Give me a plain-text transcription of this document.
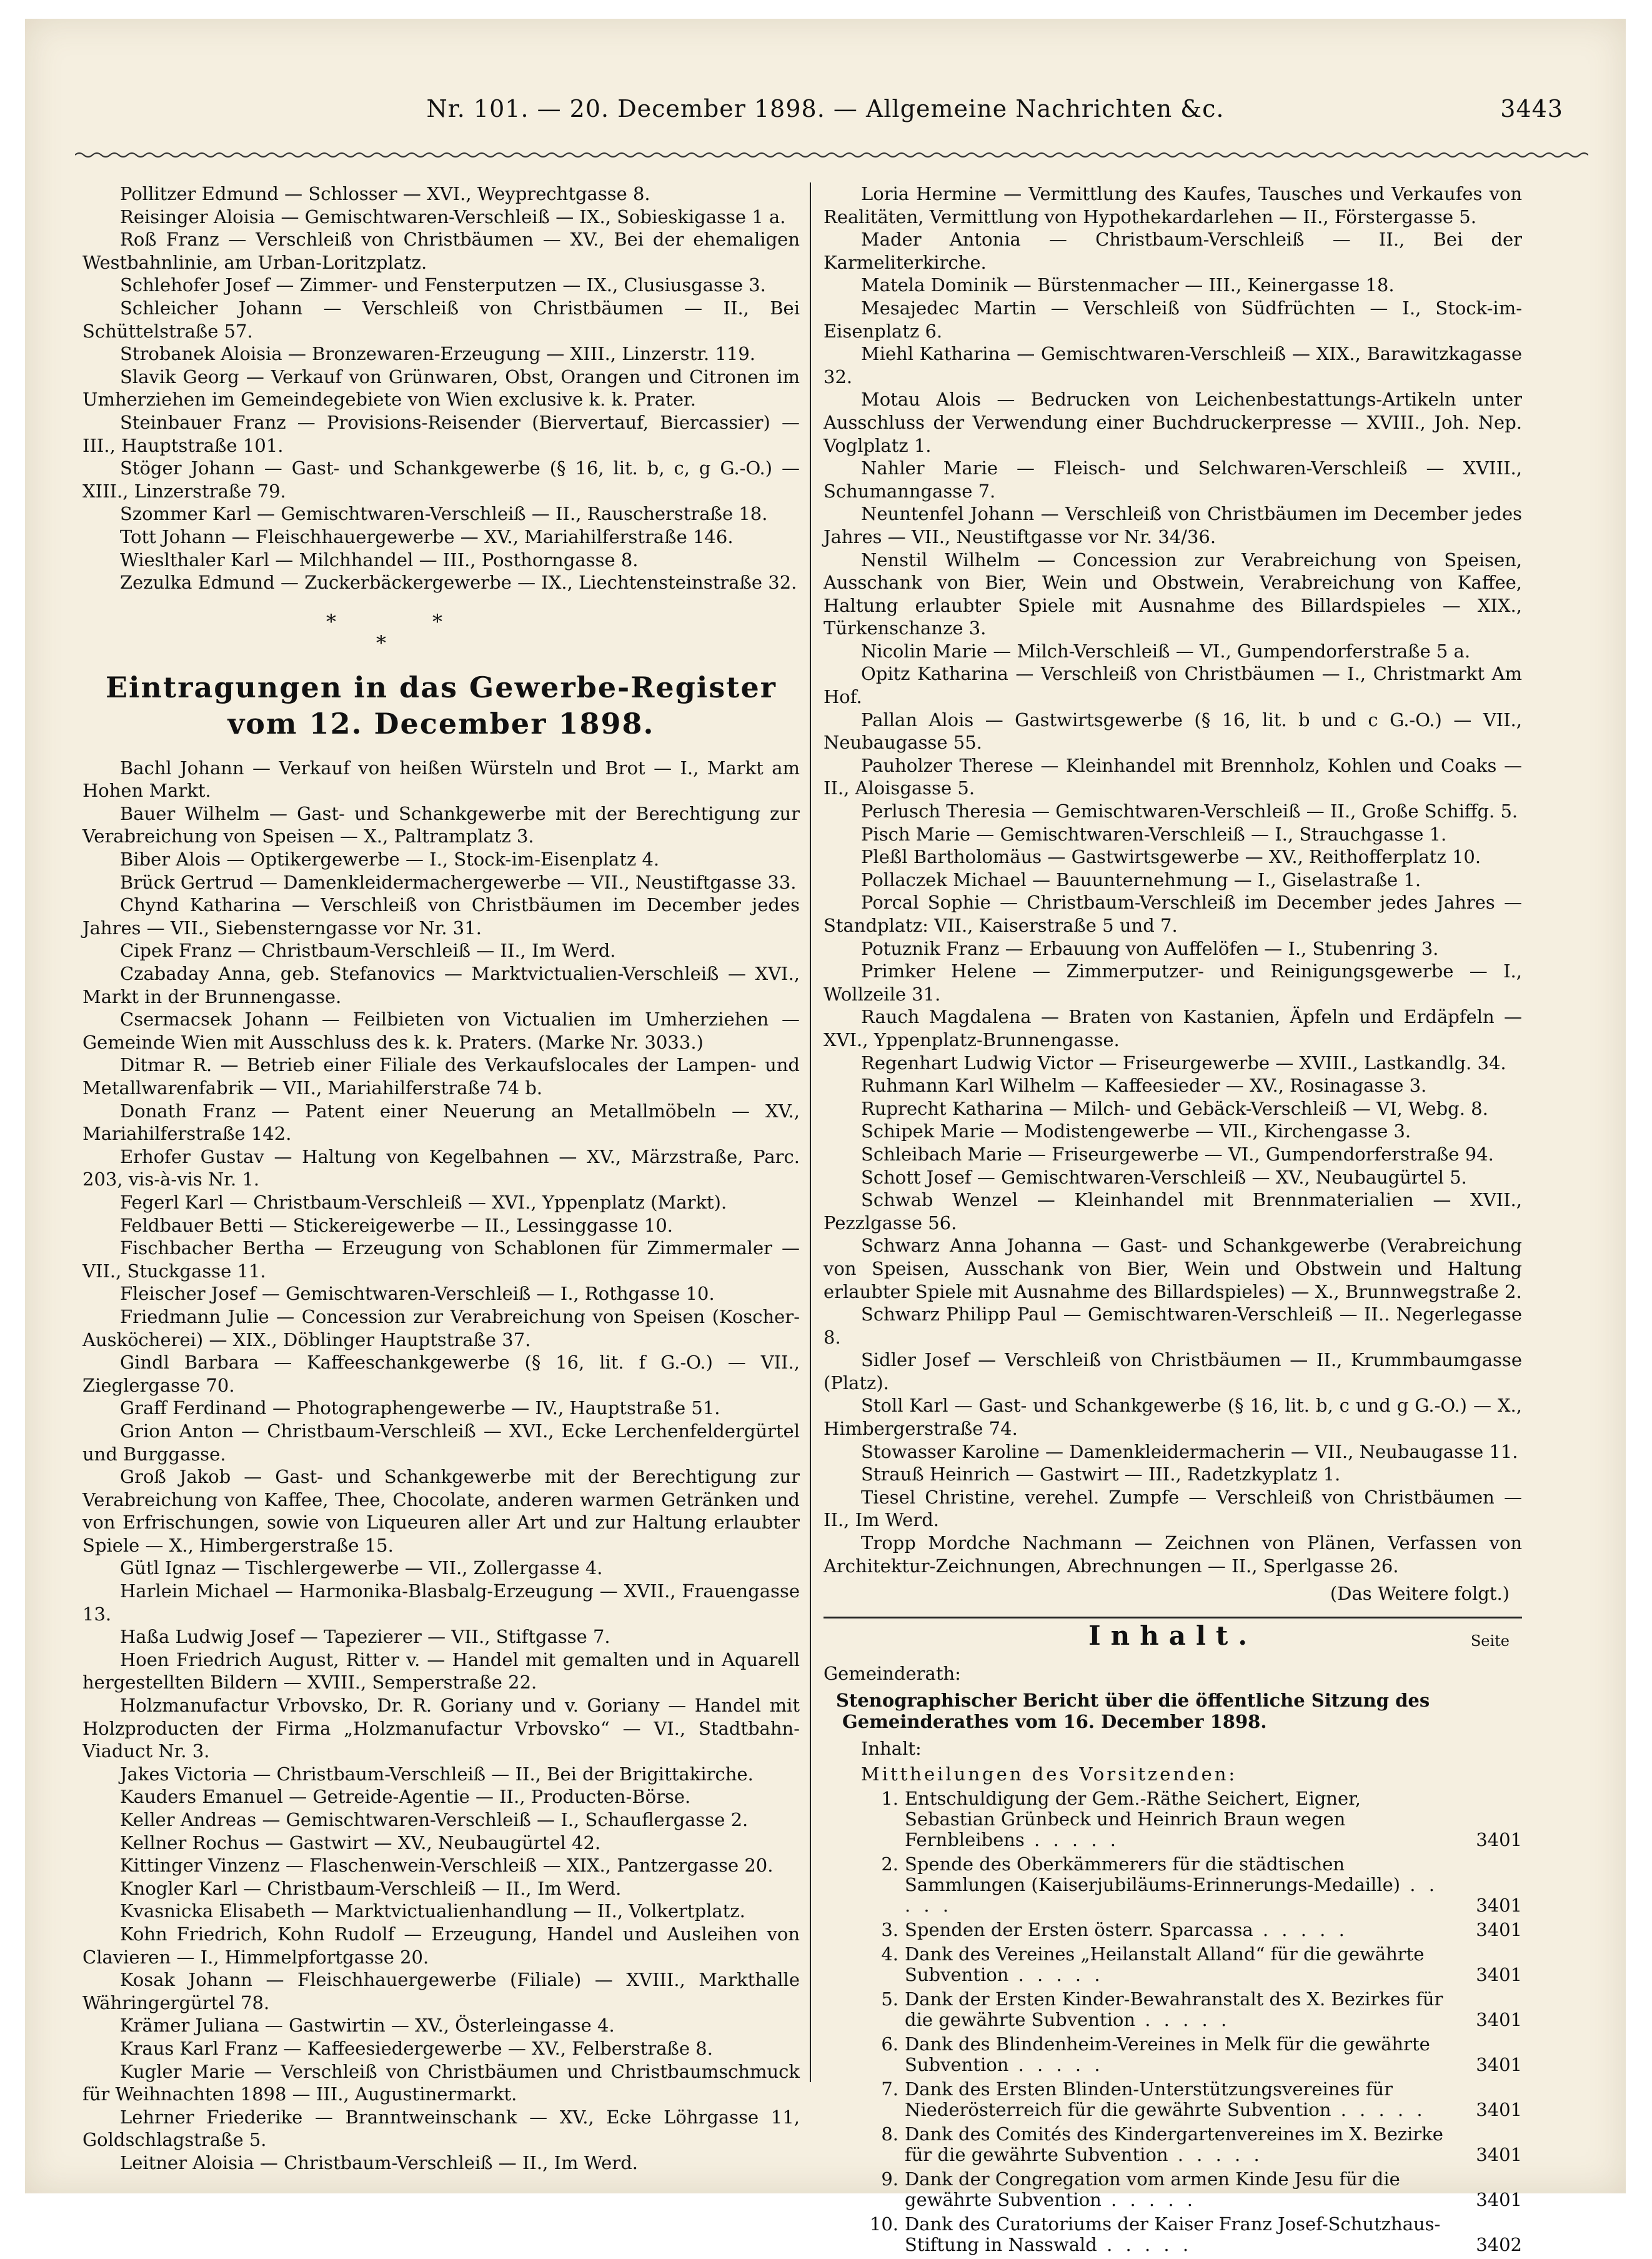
Nr. 101. — 20. December 1898. — Allgemeine Nachrichten &c.	3443

Pollitzer Edmund — Schlosser — XVI., Weyprechtgasse 8.

Reisinger Aloisia — Gemischtwaren-Verschleiß — IX., Sobieskigasse 1 a.

Roß Franz — Verschleiß von Christbäumen — XV., Bei der ehemaligen Westbahnlinie, am Urban-Loritzplatz.

Schlehofer Josef — Zimmer- und Fensterputzen — IX., Clusiusgasse 3.

Schleicher Johann — Verschleiß von Christbäumen — II., Bei Schüttelstraße 57.

Strobanek Aloisia — Bronzewaren-Erzeugung — XIII., Linzerstr. 119.

Slavik Georg — Verkauf von Grünwaren, Obst, Orangen und Citronen im Umherziehen im Gemeindegebiete von Wien exclusive k. k. Prater.

Steinbauer Franz — Provisions-Reisender (Biervertauf, Biercassier) — III., Hauptstraße 101.

Stöger Johann — Gast- und Schankgewerbe (§ 16, lit. b, c, g G.-O.) — XIII., Linzerstraße 79.

Szommer Karl — Gemischtwaren-Verschleiß — II., Rauscherstraße 18.

Tott Johann — Fleischhauergewerbe — XV., Mariahilferstraße 146.

Wieslthaler Karl — Milchhandel — III., Posthorngasse 8.

Zezulka Edmund — Zuckerbäckergewerbe — IX., Liechtensteinstraße 32.

*	*
*
Eintragungen in das Gewerbe-Register
vom 12. December 1898.

Bachl Johann — Verkauf von heißen Würsteln und Brot — I., Markt am Hohen Markt.

Bauer Wilhelm — Gast- und Schankgewerbe mit der Berechtigung zur Verabreichung von Speisen — X., Paltramplatz 3.

Biber Alois — Optikergewerbe — I., Stock-im-Eisenplatz 4.

Brück Gertrud — Damenkleidermachergewerbe — VII., Neustiftgasse 33.

Chynd Katharina — Verschleiß von Christbäumen im December jedes Jahres — VII., Siebensterngasse vor Nr. 31.

Cipek Franz — Christbaum-Verschleiß — II., Im Werd.

Czabaday Anna, geb. Stefanovics — Marktvictualien-Verschleiß — XVI., Markt in der Brunnengasse.

Csermacsek Johann — Feilbieten von Victualien im Umherziehen — Gemeinde Wien mit Ausschluss des k. k. Praters. (Marke Nr. 3033.)

Ditmar R. — Betrieb einer Filiale des Verkaufslocales der Lampen- und Metallwarenfabrik — VII., Mariahilferstraße 74 b.

Donath Franz — Patent einer Neuerung an Metallmöbeln — XV., Mariahilferstraße 142.

Erhofer Gustav — Haltung von Kegelbahnen — XV., Märzstraße, Parc. 203, vis-à-vis Nr. 1.

Fegerl Karl — Christbaum-Verschleiß — XVI., Yppenplatz (Markt).

Feldbauer Betti — Stickereigewerbe — II., Lessinggasse 10.

Fischbacher Bertha — Erzeugung von Schablonen für Zimmermaler — VII., Stuckgasse 11.

Fleischer Josef — Gemischtwaren-Verschleiß — I., Rothgasse 10.

Friedmann Julie — Concession zur Verabreichung von Speisen (Koscher-Ausköcherei) — XIX., Döblinger Hauptstraße 37.

Gindl Barbara — Kaffeeschankgewerbe (§ 16, lit. f G.-O.) — VII., Zieglergasse 70.

Graff Ferdinand — Photographengewerbe — IV., Hauptstraße 51.

Grion Anton — Christbaum-Verschleiß — XVI., Ecke Lerchenfeldergürtel und Burggasse.

Groß Jakob — Gast- und Schankgewerbe mit der Berechtigung zur Verabreichung von Kaffee, Thee, Chocolate, anderen warmen Getränken und von Erfrischungen, sowie von Liqueuren aller Art und zur Haltung erlaubter Spiele — X., Himbergerstraße 15.

Gütl Ignaz — Tischlergewerbe — VII., Zollergasse 4.

Harlein Michael — Harmonika-Blasbalg-Erzeugung — XVII., Frauengasse 13.

Haßa Ludwig Josef — Tapezierer — VII., Stiftgasse 7.

Hoen Friedrich August, Ritter v. — Handel mit gemalten und in Aquarell hergestellten Bildern — XVIII., Semperstraße 22.

Holzmanufactur Vrbovsko, Dr. R. Goriany und v. Goriany — Handel mit Holzproducten der Firma „Holzmanufactur Vrbovsko“ — VI., Stadtbahn-Viaduct Nr. 3.

Jakes Victoria — Christbaum-Verschleiß — II., Bei der Brigittakirche.

Kauders Emanuel — Getreide-Agentie — II., Producten-Börse.

Keller Andreas — Gemischtwaren-Verschleiß — I., Schauflergasse 2.

Kellner Rochus — Gastwirt — XV., Neubaugürtel 42.

Kittinger Vinzenz — Flaschenwein-Verschleiß — XIX., Pantzergasse 20.

Knogler Karl — Christbaum-Verschleiß — II., Im Werd.

Kvasnicka Elisabeth — Marktvictualienhandlung — II., Volkertplatz.

Kohn Friedrich, Kohn Rudolf — Erzeugung, Handel und Ausleihen von Clavieren — I., Himmelpfortgasse 20.

Kosak Johann — Fleischhauergewerbe (Filiale) — XVIII., Markthalle Währingergürtel 78.

Krämer Juliana — Gastwirtin — XV., Österleingasse 4.

Kraus Karl Franz — Kaffeesiedergewerbe — XV., Felberstraße 8.

Kugler Marie — Verschleiß von Christbäumen und Christbaumschmuck für Weihnachten 1898 — III., Augustinermarkt.

Lehrner Friederike — Branntweinschank — XV., Ecke Löhrgasse 11, Goldschlagstraße 5.

Leitner Aloisia — Christbaum-Verschleiß — II., Im Werd.

Loria Hermine — Vermittlung des Kaufes, Tausches und Verkaufes von Realitäten, Vermittlung von Hypothekardarlehen — II., Förstergasse 5.

Mader Antonia — Christbaum-Verschleiß — II., Bei der Karmeliterkirche.

Matela Dominik — Bürstenmacher — III., Keinergasse 18.

Mesajedec Martin — Verschleiß von Südfrüchten — I., Stock-im-Eisenplatz 6.

Miehl Katharina — Gemischtwaren-Verschleiß — XIX., Barawitzkagasse 32.

Motau Alois — Bedrucken von Leichenbestattungs-Artikeln unter Ausschluss der Verwendung einer Buchdruckerpresse — XVIII., Joh. Nep. Voglplatz 1.

Nahler Marie — Fleisch- und Selchwaren-Verschleiß — XVIII., Schumanngasse 7.

Neuntenfel Johann — Verschleiß von Christbäumen im December jedes Jahres — VII., Neustiftgasse vor Nr. 34/36.

Nenstil Wilhelm — Concession zur Verabreichung von Speisen, Ausschank von Bier, Wein und Obstwein, Verabreichung von Kaffee, Haltung erlaubter Spiele mit Ausnahme des Billardspieles — XIX., Türkenschanze 3.

Nicolin Marie — Milch-Verschleiß — VI., Gumpendorferstraße 5 a.

Opitz Katharina — Verschleiß von Christbäumen — I., Christmarkt Am Hof.

Pallan Alois — Gastwirtsgewerbe (§ 16, lit. b und c G.-O.) — VII., Neubaugasse 55.

Pauholzer Therese — Kleinhandel mit Brennholz, Kohlen und Coaks — II., Aloisgasse 5.

Perlusch Theresia — Gemischtwaren-Verschleiß — II., Große Schiffg. 5.

Pisch Marie — Gemischtwaren-Verschleiß — I., Strauchgasse 1.

Pleßl Bartholomäus — Gastwirtsgewerbe — XV., Reithofferplatz 10.

Pollaczek Michael — Bauunternehmung — I., Giselastraße 1.

Porcal Sophie — Christbaum-Verschleiß im December jedes Jahres — Standplatz: VII., Kaiserstraße 5 und 7.

Potuznik Franz — Erbauung von Auffelöfen — I., Stubenring 3.

Primker Helene — Zimmerputzer- und Reinigungsgewerbe — I., Wollzeile 31.

Rauch Magdalena — Braten von Kastanien, Äpfeln und Erdäpfeln — XVI., Yppenplatz-Brunnengasse.

Regenhart Ludwig Victor — Friseurgewerbe — XVIII., Lastkandlg. 34.

Ruhmann Karl Wilhelm — Kaffeesieder — XV., Rosinagasse 3.

Ruprecht Katharina — Milch- und Gebäck-Verschleiß — VI, Webg. 8.

Schipek Marie — Modistengewerbe — VII., Kirchengasse 3.

Schleibach Marie — Friseurgewerbe — VI., Gumpendorferstraße 94.

Schott Josef — Gemischtwaren-Verschleiß — XV., Neubaugürtel 5.

Schwab Wenzel — Kleinhandel mit Brennmaterialien — XVII., Pezzlgasse 56.

Schwarz Anna Johanna — Gast- und Schankgewerbe (Verabreichung von Speisen, Ausschank von Bier, Wein und Obstwein und Haltung erlaubter Spiele mit Ausnahme des Billardspieles) — X., Brunnwegstraße 2.

Schwarz Philipp Paul — Gemischtwaren-Verschleiß — II.. Negerlegasse 8.

Sidler Josef — Verschleiß von Christbäumen — II., Krummbaumgasse (Platz).

Stoll Karl — Gast- und Schankgewerbe (§ 16, lit. b, c und g G.-O.) — X., Himbergerstraße 74.

Stowasser Karoline — Damenkleidermacherin — VII., Neubaugasse 11.

Strauß Heinrich — Gastwirt — III., Radetzkyplatz 1.

Tiesel Christine, verehel. Zumpfe — Verschleiß von Christbäumen — II., Im Werd.

Tropp Mordche Nachmann — Zeichnen von Plänen, Verfassen von Architektur-Zeichnungen, Abrechnungen — II., Sperlgasse 26.

(Das Weitere folgt.)
Inhalt.	Seite

Gemeinderath:

Stenographischer Bericht über die öffentliche Sitzung des Gemeinderathes vom 16. December 1898.

Inhalt:

Mittheilungen des Vorsitzenden:

1. Entschuldigung der Gem.-Räthe Seichert, Eigner, Sebastian Grünbeck und Heinrich Braun wegen Fernbleibens . . . . .	3401
2. Spende des Oberkämmerers für die städtischen Sammlungen (Kaiserjubiläums-Erinnerungs-Medaille) . . . . .	3401
3. Spenden der Ersten österr. Sparcassa . . . . .	3401
4. Dank des Vereines „Heilanstalt Alland“ für die gewährte Subvention . . . . .	3401
5. Dank der Ersten Kinder-Bewahranstalt des X. Bezirkes für die gewährte Subvention . . . . .	3401
6. Dank des Blindenheim-Vereines in Melk für die gewährte Subvention . . . . .	3401
7. Dank des Ersten Blinden-Unterstützungsvereines für Niederösterreich für die gewährte Subvention . . . . .	3401
8. Dank des Comités des Kindergartenvereines im X. Bezirke für die gewährte Subvention . . . . .	3401
9. Dank der Congregation vom armen Kinde Jesu für die gewährte Subvention . . . . .	3401
10. Dank des Curatoriums der Kaiser Franz Josef-Schutzhaus-Stiftung in Nasswald . . . . .	3402
